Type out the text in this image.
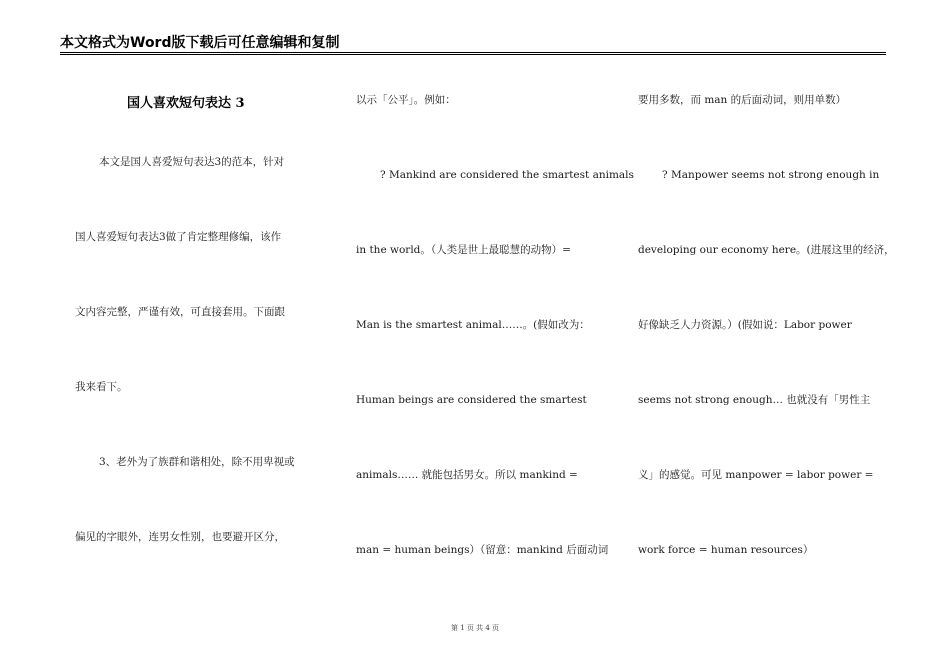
本文格式为Word版下载后可任意编辑和复制
国人喜欢短句表达 3
本文是国人喜爱短句表达3的范本，针对
国人喜爱短句表达3做了肯定整理修编，该作
文内容完整，严谨有效，可直接套用。下面跟
我来看下。
3、老外为了族群和谐相处，除不用卑视或
偏见的字眼外，连男女性别，也要避开区分，
以示「公平」。例如：
? Mankind are considered the smartest animals
in the world。（人类是世上最聪慧的动物）=
Man is the smartest animal……。(假如改为：
Human beings are considered the smartest
animals…… 就能包括男女。所以 mankind =
man = human beings）（留意：mankind 后面动词
要用多数，而 man 的后面动词，则用单数）
? Manpower seems not strong enough in
developing our economy here。(进展这里的经济，
好像缺乏人力资源。）(假如说：Labor power
seems not strong enough… 也就没有「男性主
义」的感觉。可见 manpower = labor power =
work force = human resources）
第 1 页 共 4 页
